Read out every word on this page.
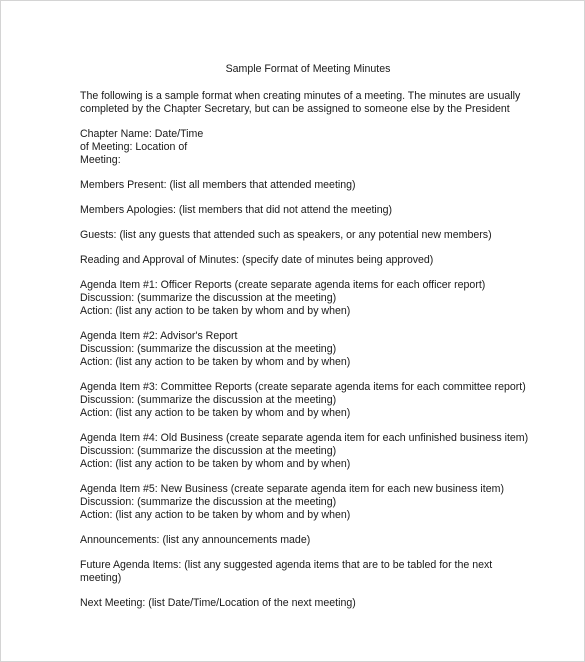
Sample Format of Meeting Minutes
The following is a sample format when creating minutes of a meeting. The minutes are usually
completed by the Chapter Secretary, but can be assigned to someone else by the President
Chapter Name: Date/Time
of Meeting: Location of
Meeting:
Members Present: (list all members that attended meeting)
Members Apologies: (list members that did not attend the meeting)
Guests: (list any guests that attended such as speakers, or any potential new members)
Reading and Approval of Minutes: (specify date of minutes being approved)
Agenda Item #1: Officer Reports (create separate agenda items for each officer report)
Discussion: (summarize the discussion at the meeting)
Action: (list any action to be taken by whom and by when)
Agenda Item #2: Advisor's Report
Discussion: (summarize the discussion at the meeting)
Action: (list any action to be taken by whom and by when)
Agenda Item #3: Committee Reports (create separate agenda items for each committee report)
Discussion: (summarize the discussion at the meeting)
Action: (list any action to be taken by whom and by when)
Agenda Item #4: Old Business (create separate agenda item for each unfinished business item)
Discussion: (summarize the discussion at the meeting)
Action: (list any action to be taken by whom and by when)
Agenda Item #5: New Business (create separate agenda item for each new business item)
Discussion: (summarize the discussion at the meeting)
Action: (list any action to be taken by whom and by when)
Announcements: (list any announcements made)
Future Agenda Items: (list any suggested agenda items that are to be tabled for the next
meeting)
Next Meeting: (list Date/Time/Location of the next meeting)
